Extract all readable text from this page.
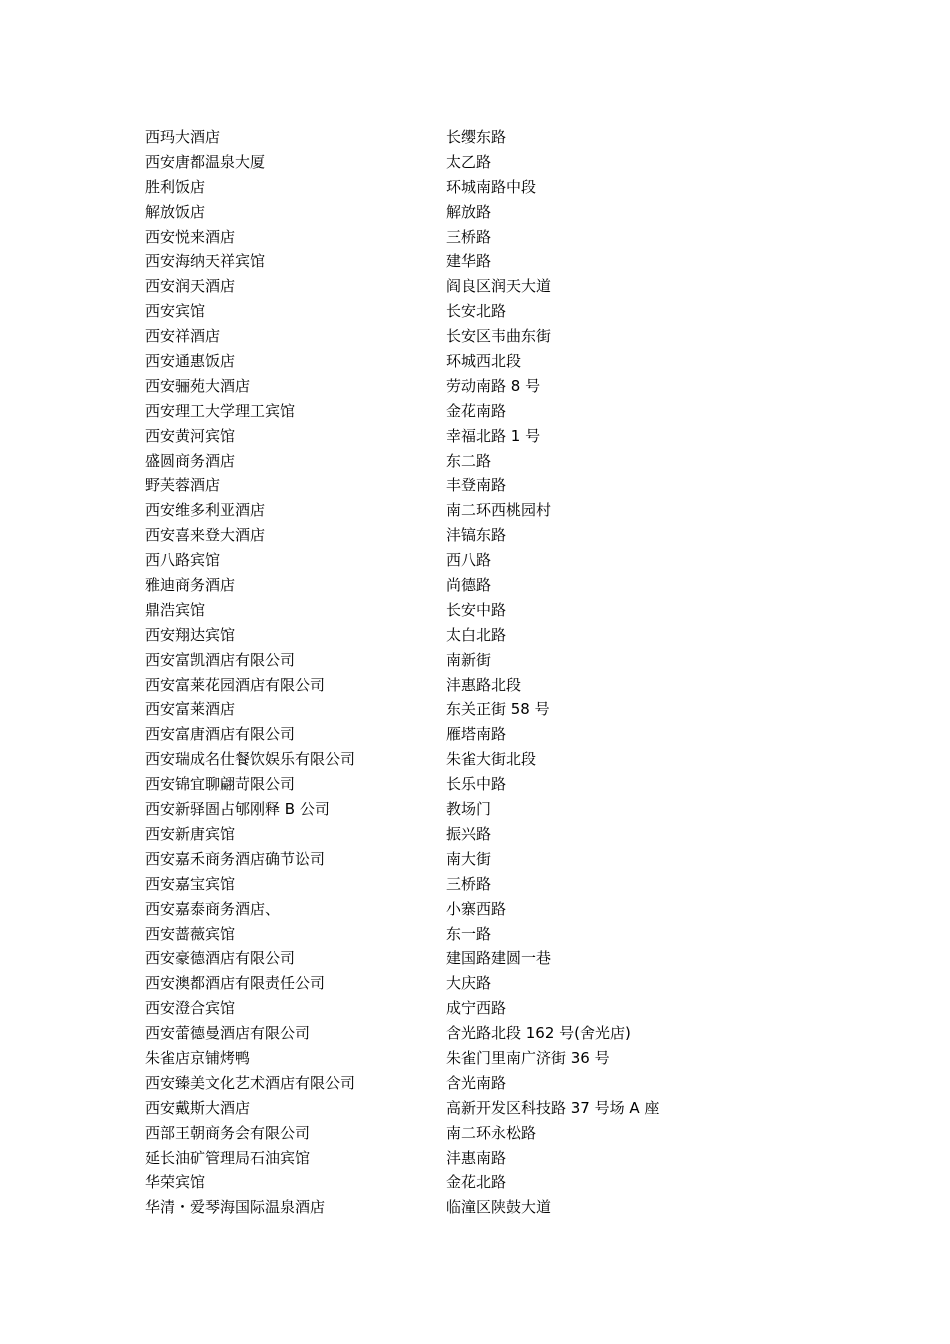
西玛大酒店	长缨东路
西安唐都温泉大厦	太乙路
胜利饭店	环城南路中段
解放饭店	解放路
西安悦来酒店	三桥路
西安海纳天祥宾馆	建华路
西安润天酒店	阎良区润天大道
西安宾馆	长安北路
西安祥酒店	长安区韦曲东街
西安通惠饭店	环城西北段
西安骊苑大酒店	劳动南路 8 号
西安理工大学理工宾馆	金花南路
西安黄河宾馆	幸福北路 1 号
盛圆商务酒店	东二路
野芙蓉酒店	丰登南路
西安维多利亚酒店	南二环西桃园村
西安喜来登大酒店	沣镐东路
西八路宾馆	西八路
雅迪商务酒店	尚德路
鼎浩宾馆	长安中路
西安翔达宾馆	太白北路
西安富凯酒店有限公司	南新街
西安富莱花园酒店有限公司	沣惠路北段
西安富莱酒店	东关正街 58 号
西安富唐酒店有限公司	雁塔南路
西安瑞成名仕餐饮娱乐有限公司	朱雀大街北段
西安锦宜聊翩苛限公司	长乐中路
西安新驿圄占郇刚释 B 公司	教场门
西安新唐宾馆	振兴路
西安嘉禾商务酒店确节讼司	南大街
西安嘉宝宾馆	三桥路
西安嘉泰商务酒店、	小寨西路
西安蔷薇宾馆	东一路
西安豪德酒店有限公司	建国路建圆一巷
西安澳都酒店有限责任公司	大庆路
西安澄合宾馆	成宁西路
西安蕾德曼酒店有限公司	含光路北段 162 号(舍光店)
朱雀店京铺烤鸭	朱雀门里南广济街 36 号
西安臻美文化艺术酒店有限公司	含光南路
西安戴斯大酒店	高新开发区科技路 37 号场 A 座
西部王朝商务会有限公司	南二环永松路
延长油矿管理局石油宾馆	沣惠南路
华荣宾馆	金花北路
华清・爱琴海国际温泉酒店	临潼区陕鼓大道
